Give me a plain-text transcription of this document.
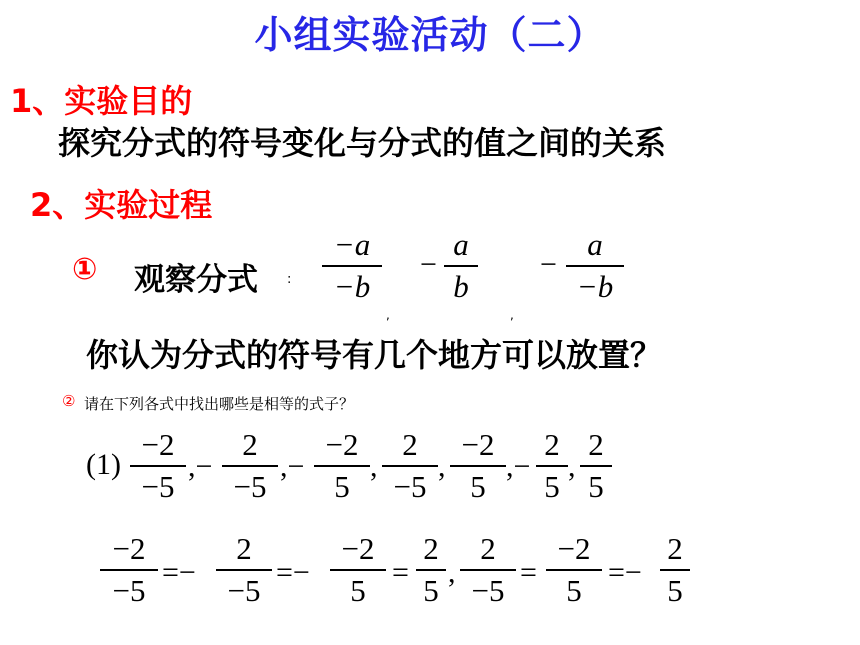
小组实验活动（二）
1、实验目的
探究分式的符号变化与分式的值之间的关系
2、实验过程
① 观察分式 :
−a
−b
−
a
b
−
a
−b
,	,
你认为分式的符号有几个地方可以放置？
② 请在下列各式中找出哪些是相等的式子？
(1)
−2
−5
,−
2
−5
,−
−2
5
,
2
−5
,
−2
5
,−
2
5
,
2
5
−2
−5
=−
2
−5
=−
−2
5
=
2
5
,
2
−5
=
−2
5
=−
2
5
